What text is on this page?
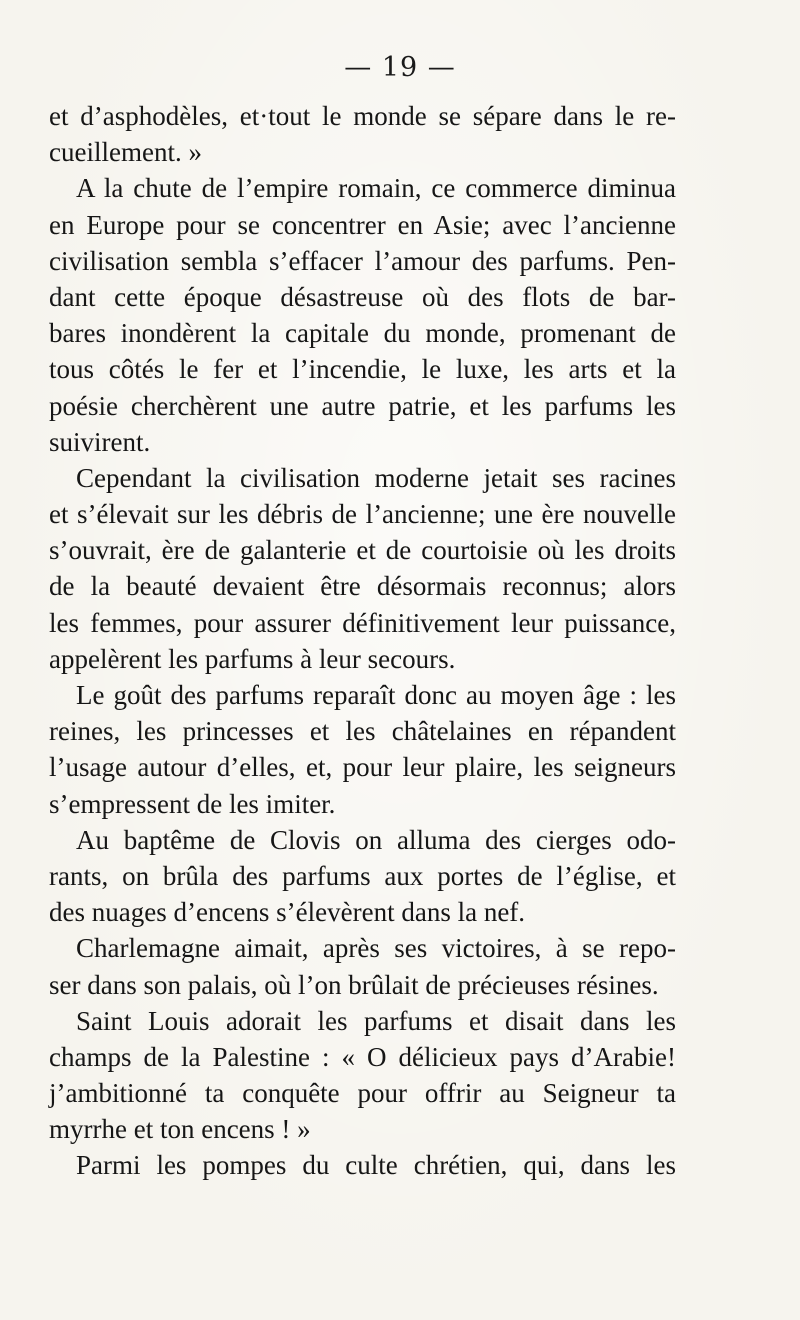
— 19 —
et d’asphodèles, et·tout le monde se sépare dans le re-
cueillement. »
A la chute de l’empire romain, ce commerce diminua
en Europe pour se concentrer en Asie; avec l’ancienne
civilisation sembla s’effacer l’amour des parfums. Pen-
dant cette époque désastreuse où des flots de bar-
bares inondèrent la capitale du monde, promenant de
tous côtés le fer et l’incendie, le luxe, les arts et la
poésie cherchèrent une autre patrie, et les parfums les
suivirent.
Cependant la civilisation moderne jetait ses racines
et s’élevait sur les débris de l’ancienne; une ère nouvelle
s’ouvrait, ère de galanterie et de courtoisie où les droits
de la beauté devaient être désormais reconnus; alors
les femmes, pour assurer définitivement leur puissance,
appelèrent les parfums à leur secours.
Le goût des parfums reparaît donc au moyen âge : les
reines, les princesses et les châtelaines en répandent
l’usage autour d’elles, et, pour leur plaire, les seigneurs
s’empressent de les imiter.
Au baptême de Clovis on alluma des cierges odo-
rants, on brûla des parfums aux portes de l’église, et
des nuages d’encens s’élevèrent dans la nef.
Charlemagne aimait, après ses victoires, à se repo-
ser dans son palais, où l’on brûlait de précieuses résines.
Saint Louis adorait les parfums et disait dans les
champs de la Palestine : « O délicieux pays d’Arabie!
j’ambitionné ta conquête pour offrir au Seigneur ta
myrrhe et ton encens ! »
Parmi les pompes du culte chrétien, qui, dans les
